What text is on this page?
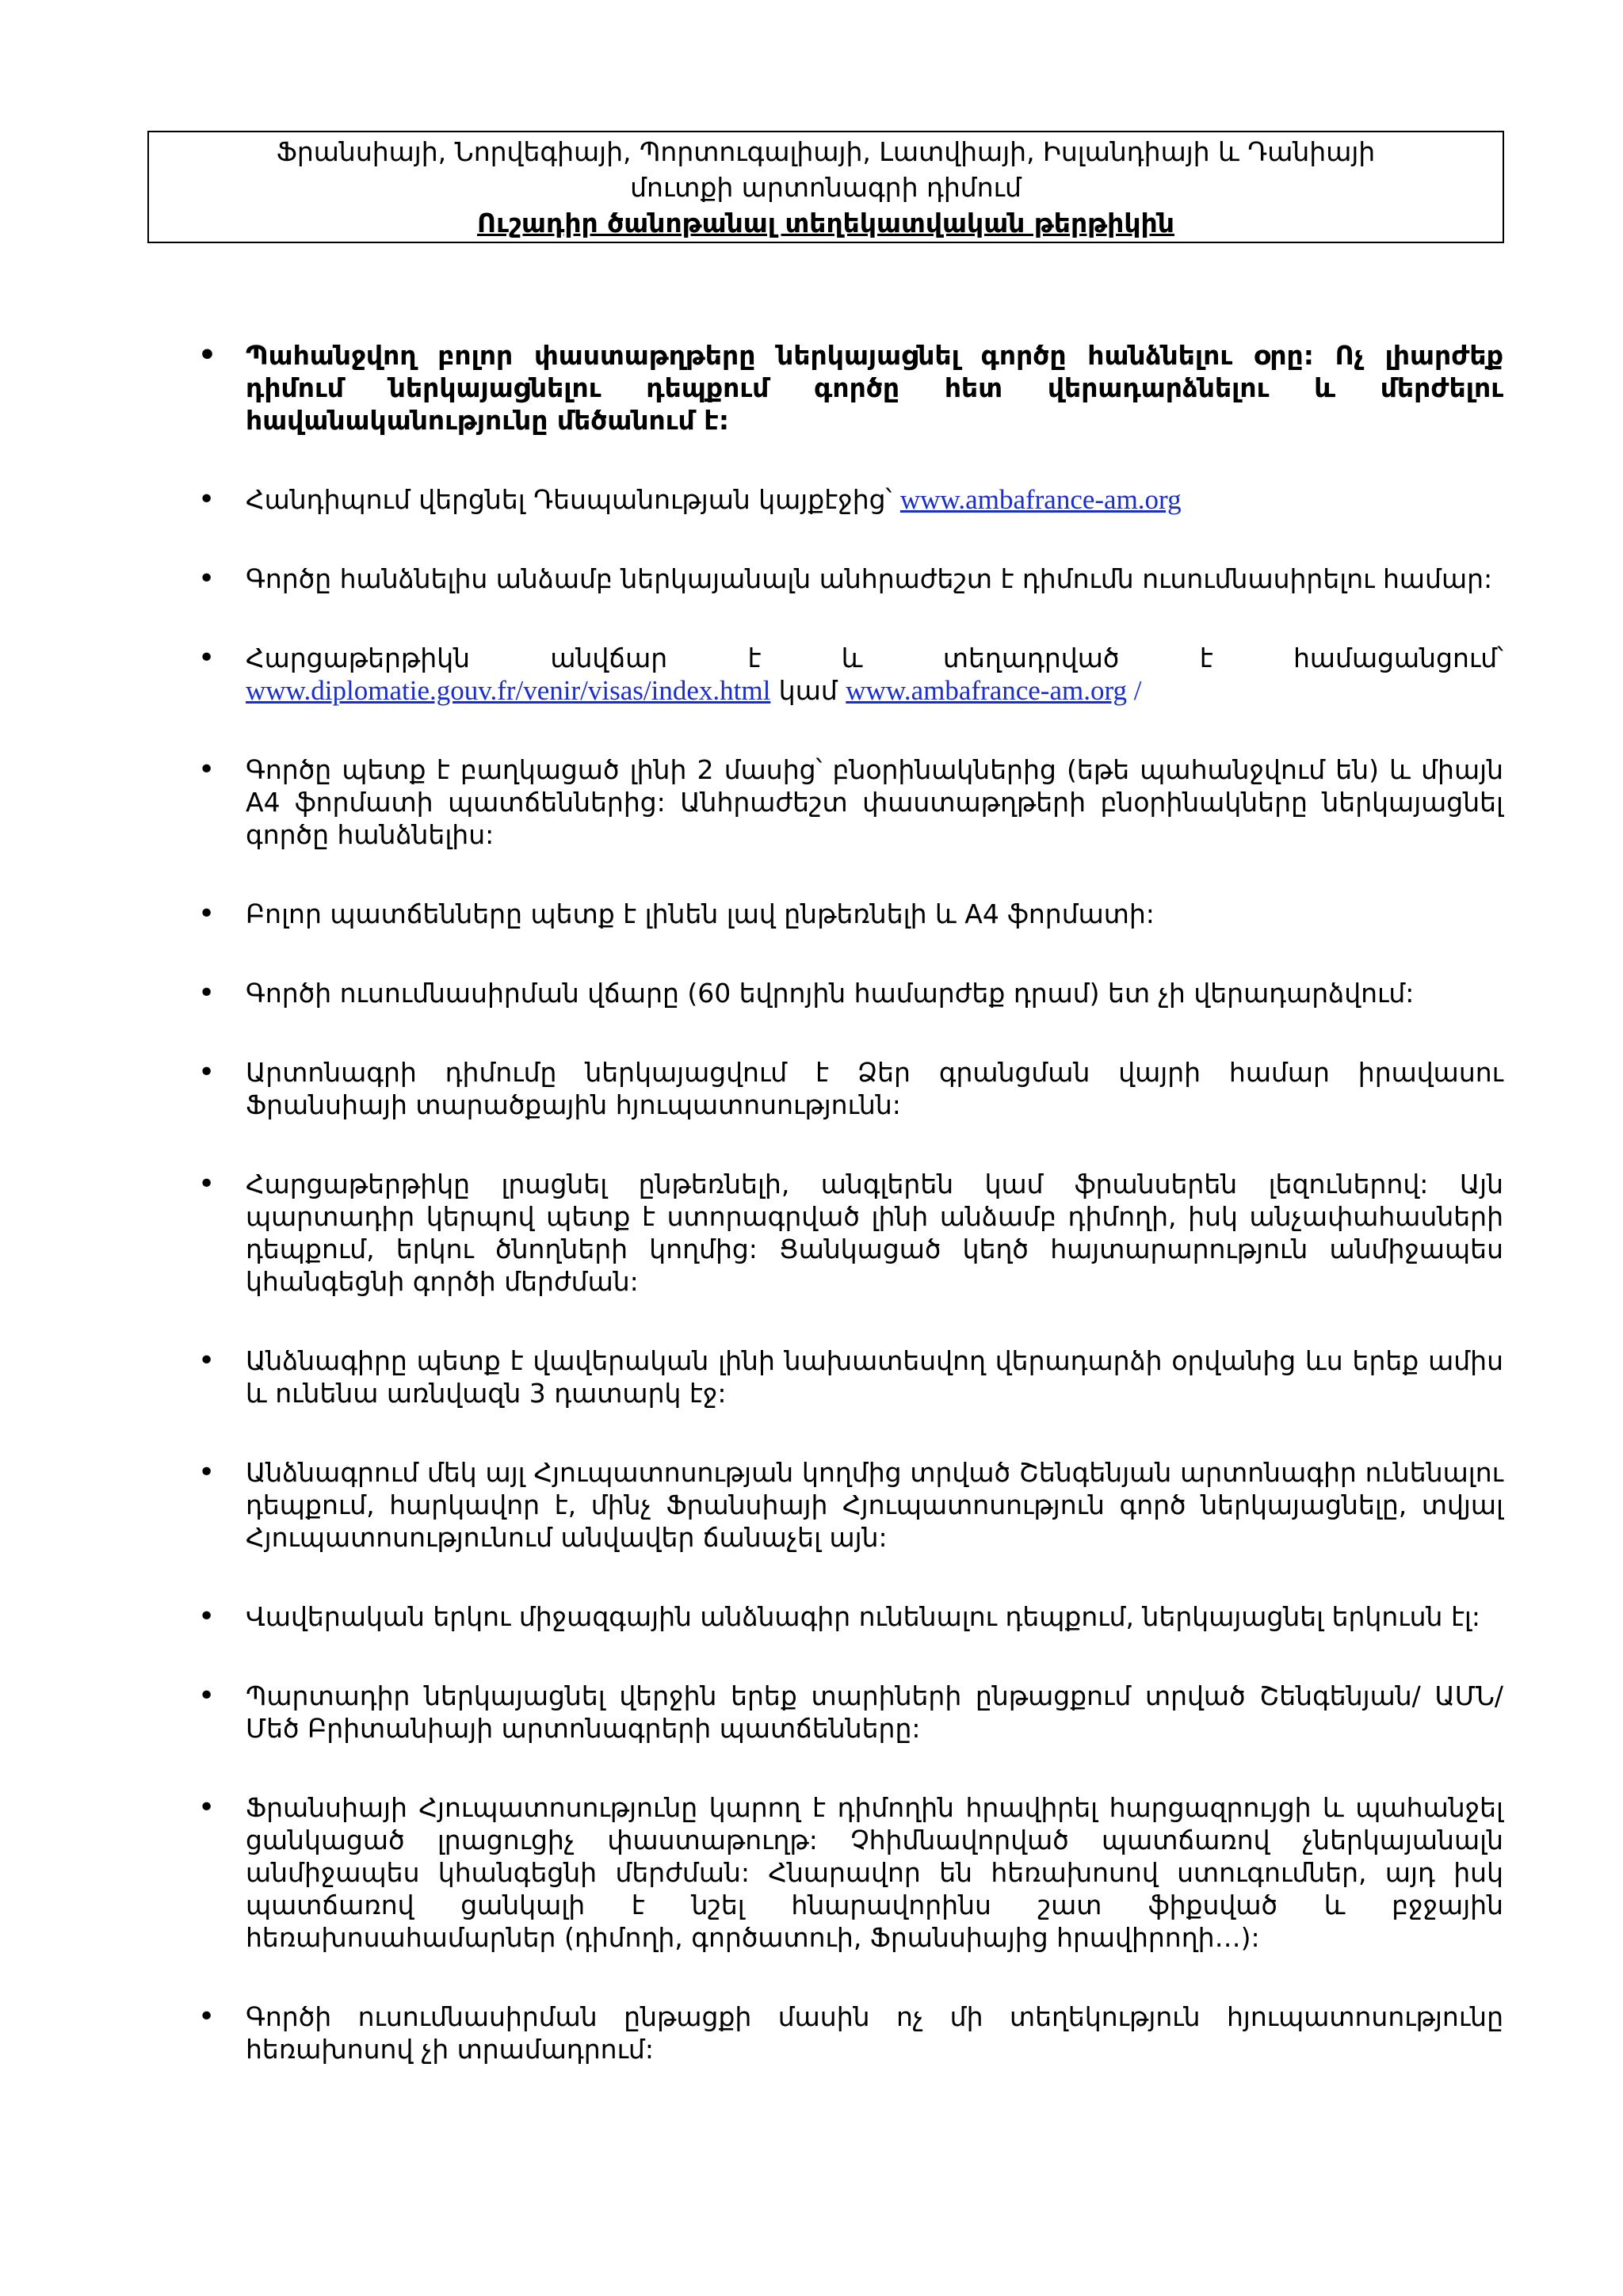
Ֆրանսիայի, Նորվեգիայի, Պորտուգալիայի, Լատվիայի, Իսլանդիայի և Դանիայի
մուտքի արտոնագրի դիմում
Ուշադիր ծանոթանալ տեղեկատվական թերթիկին
• Պահանջվող բոլոր փաստաթղթերը ներկայացնել գործը հանձնելու օրը: Ոչ լիարժեք դիմում ներկայացնելու դեպքում գործը հետ վերադարձնելու և մերժելու հավանականությունը մեծանում է:
• Հանդիպում վերցնել Դեսպանության կայքէջից՝ www.ambafrance-am.org
• Գործը հանձնելիս անձամբ ներկայանալն անհրաժեշտ է դիմումն ուսումնասիրելու համար:
• Հարցաթերթիկն անվճար է և տեղադրված է համացանցում՝
www.diplomatie.gouv.fr/venir/visas/index.html կամ www.ambafrance-am.org /
• Գործը պետք է բաղկացած լինի 2 մասից՝ բնօրինակներից (եթե պահանջվում են) և միայն A4 ֆորմատի պատճեններից: Անհրաժեշտ փաստաթղթերի բնօրինակները ներկայացնել գործը հանձնելիս:
• Բոլոր պատճենները պետք է լինեն լավ ընթեռնելի և A4 ֆորմատի:
• Գործի ուսումնասիրման վճարը (60 եվրոյին համարժեք դրամ) ետ չի վերադարձվում:
• Արտոնագրի դիմումը ներկայացվում է Ձեր գրանցման վայրի համար իրավասու Ֆրանսիայի տարածքային հյուպատոսությունն:
• Հարցաթերթիկը լրացնել ընթեռնելի, անգլերեն կամ ֆրանսերեն լեզուներով: Այն պարտադիր կերպով պետք է ստորագրված լինի անձամբ դիմողի, իսկ անչափահասների դեպքում, երկու ծնողների կողմից: Ցանկացած կեղծ հայտարարություն անմիջապես կհանգեցնի գործի մերժման:
• Անձնագիրը պետք է վավերական լինի նախատեսվող վերադարձի օրվանից ևս երեք ամիս և ունենա առնվազն 3 դատարկ էջ:
• Անձնագրում մեկ այլ Հյուպատոսության կողմից տրված Շենգենյան արտոնագիր ունենալու դեպքում, հարկավոր է, մինչ Ֆրանսիայի Հյուպատոսություն գործ ներկայացնելը, տվյալ Հյուպատոսությունում անվավեր ճանաչել այն:
• Վավերական երկու միջազգային անձնագիր ունենալու դեպքում, ներկայացնել երկուսն էլ:
• Պարտադիր ներկայացնել վերջին երեք տարիների ընթացքում տրված Շենգենյան/ ԱՄՆ/Մեծ Բրիտանիայի արտոնագրերի պատճենները:
• Ֆրանսիայի Հյուպատոսությունը կարող է դիմողին հրավիրել հարցազրույցի և պահանջել ցանկացած լրացուցիչ փաստաթուղթ: Չհիմնավորված պատճառով չներկայանալն անմիջապես կհանգեցնի մերժման: Հնարավոր են հեռախոսով ստուգումներ, այդ իսկ պատճառով ցանկալի է նշել հնարավորինս շատ ֆիքսված և բջջային հեռախոսահամարներ (դիմողի, գործատուի, Ֆրանսիայից հրավիրողի…):
• Գործի ուսումնասիրման ընթացքի մասին ոչ մի տեղեկություն հյուպատոսությունը հեռախոսով չի տրամադրում:
